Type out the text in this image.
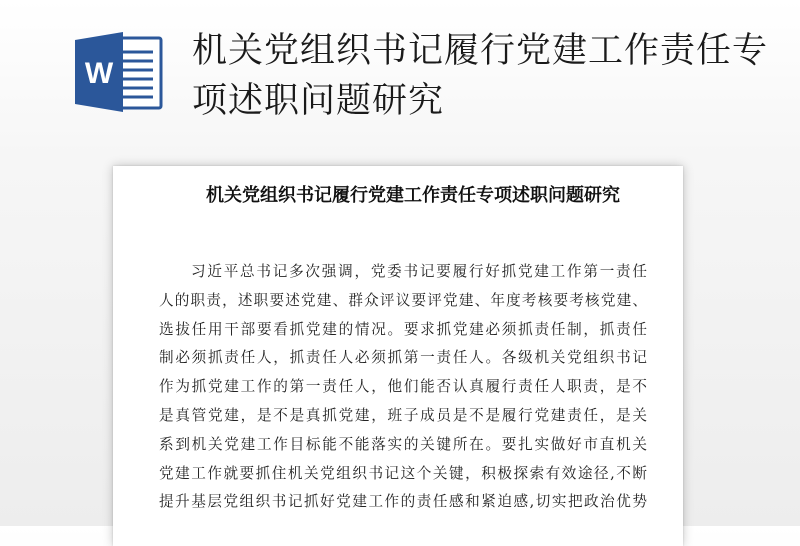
W
机关党组织书记履行党建工作责任专项述职问题研究
机关党组织书记履行党建工作责任专项述职问题研究
习近平总书记多次强调，党委书记要履行好抓党建工作第一责任
人的职责，述职要述党建、群众评议要评党建、年度考核要考核党建、
选拔任用干部要看抓党建的情况。要求抓党建必须抓责任制，抓责任
制必须抓责任人，抓责任人必须抓第一责任人。各级机关党组织书记
作为抓党建工作的第一责任人，他们能否认真履行责任人职责，是不
是真管党建，是不是真抓党建，班子成员是不是履行党建责任，是关
系到机关党建工作目标能不能落实的关键所在。要扎实做好市直机关
党建工作就要抓住机关党组织书记这个关键，积极探索有效途径,不断
提升基层党组织书记抓好党建工作的责任感和紧迫感,切实把政治优势
